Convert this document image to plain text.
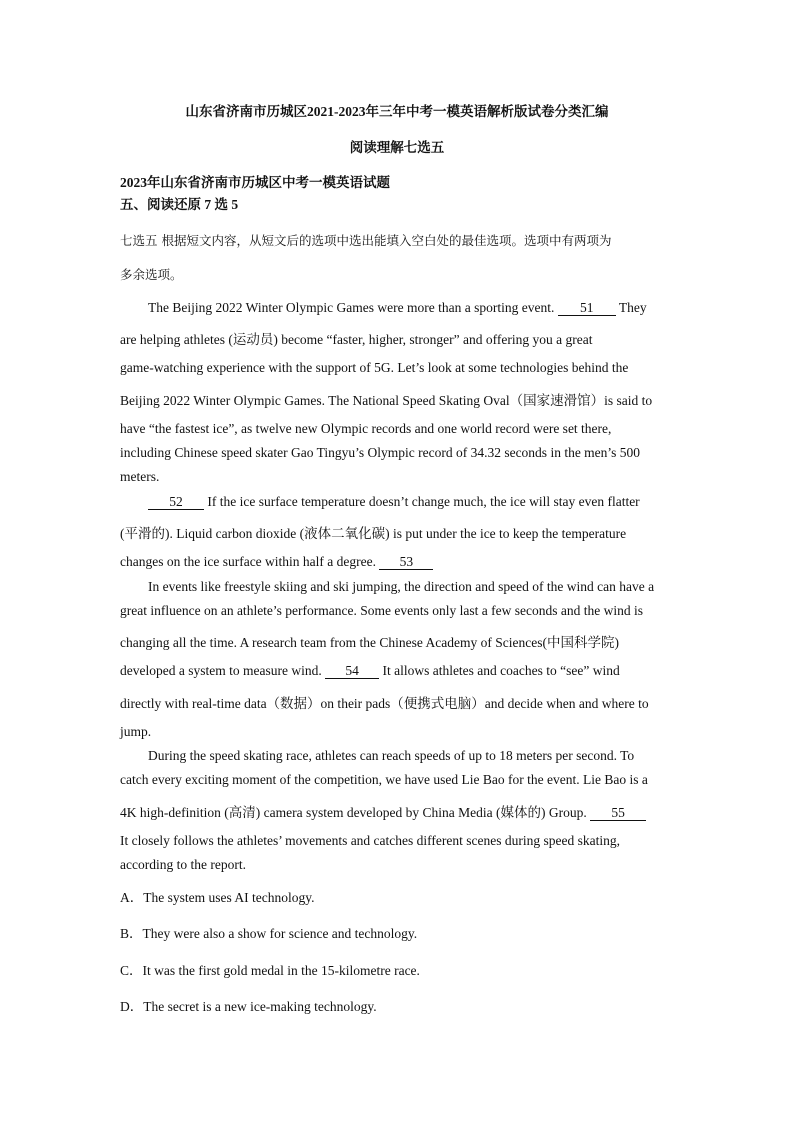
山东省济南市历城区2021-2023年三年中考一模英语解析版试卷分类汇编
阅读理解七选五
2023年山东省济南市历城区中考一模英语试题
五、阅读还原 7 选 5
七选五 根据短文内容，从短文后的选项中选出能填入空白处的最佳选项。选项中有两项为
多余选项。
The Beijing 2022 Winter Olympic Games were more than a sporting event. 51 They
are helping athletes (运动员) become “faster, higher, stronger” and offering you a great
game-watching experience with the support of 5G. Let’s look at some technologies behind the
Beijing 2022 Winter Olympic Games. The National Speed Skating Oval（国家速滑馆）is said to
have “the fastest ice”, as twelve new Olympic records and one world record were set there,
including Chinese speed skater Gao Tingyu’s Olympic record of 34.32 seconds in the men’s 500
meters.
52 If the ice surface temperature doesn’t change much, the ice will stay even flatter
(平滑的). Liquid carbon dioxide (液体二氧化碳) is put under the ice to keep the temperature
changes on the ice surface within half a degree. 53
In events like freestyle skiing and ski jumping, the direction and speed of the wind can have a
great influence on an athlete’s performance. Some events only last a few seconds and the wind is
changing all the time. A research team from the Chinese Academy of Sciences(中国科学院)
developed a system to measure wind. 54 It allows athletes and coaches to “see” wind
directly with real-time data（数据）on their pads（便携式电脑）and decide when and where to
jump.
During the speed skating race, athletes can reach speeds of up to 18 meters per second. To
catch every exciting moment of the competition, we have used Lie Bao for the event. Lie Bao is a
4K high-definition (高清) camera system developed by China Media (媒体的) Group. 55
It closely follows the athletes’ movements and catches different scenes during speed skating,
according to the report.
A．The system uses AI technology.
B．They were also a show for science and technology.
C．It was the first gold medal in the 15-kilometre race.
D．The secret is a new ice-making technology.
